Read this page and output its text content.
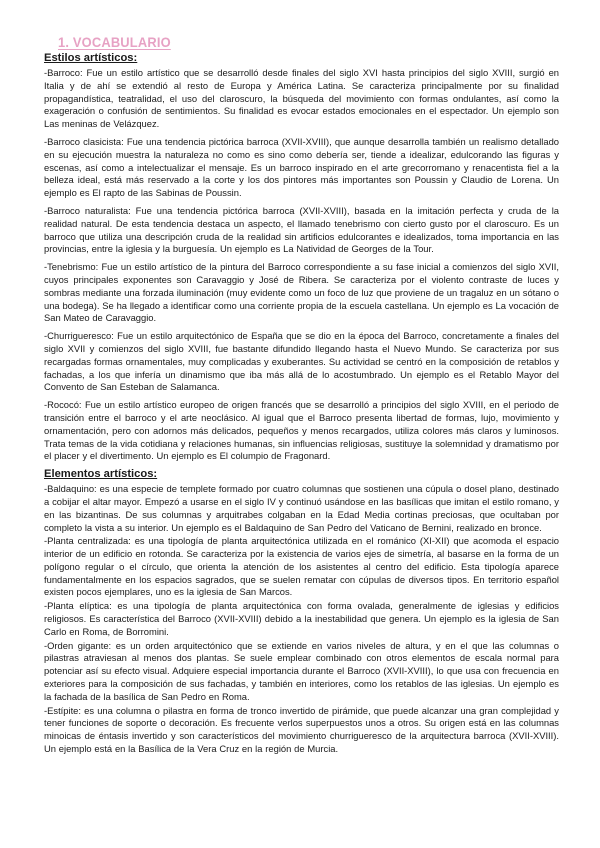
1. VOCABULARIO
Estilos artísticos:

-Barroco: Fue un estilo artístico que se desarrolló desde finales del siglo XVI hasta principios del siglo XVIII, surgió en Italia y de ahí se extendió al resto de Europa y América Latina. Se caracteriza principalmente por su finalidad propagandística, teatralidad, el uso del claroscuro, la búsqueda del movimiento con formas ondulantes, así como la exageración o confusión de sentimientos. Su finalidad es evocar estados emocionales en el espectador. Un ejemplo son Las meninas de Velázquez.

-Barroco clasicista: Fue una tendencia pictórica barroca (XVII-XVIII), que aunque desarrolla también un realismo detallado en su ejecución muestra la naturaleza no como es sino como debería ser, tiende a idealizar, edulcorando las figuras y escenas, así como a intelectualizar el mensaje. Es un barroco inspirado en el arte grecorromano y renacentista fiel a la belleza ideal, está más reservado a la corte y los dos pintores más importantes son Poussin y Claudio de Lorena. Un ejemplo es El rapto de las Sabinas de Poussin.

-Barroco naturalista: Fue una tendencia pictórica barroca (XVII-XVIII), basada en la imitación perfecta y cruda de la realidad natural. De esta tendencia destaca un aspecto, el llamado tenebrismo con cierto gusto por el claroscuro. Es un barroco que utiliza una descripción cruda de la realidad sin artificios edulcorantes e idealizados, toma importancia en las provincias, entre la iglesia y la burguesía. Un ejemplo es La Natividad de Georges de la Tour.

-Tenebrismo: Fue un estilo artístico de la pintura del Barroco correspondiente a su fase inicial a comienzos del siglo XVII, cuyos principales exponentes son Caravaggio y José de Ribera. Se caracteriza por el violento contraste de luces y sombras mediante una forzada iluminación (muy evidente como un foco de luz que proviene de un tragaluz en un sótano o una bodega). Se ha llegado a identificar como una corriente propia de la escuela castellana. Un ejemplo es La vocación de San Mateo de Caravaggio.

-Churrigueresco: Fue un estilo arquitectónico de España que se dio en la época del Barroco, concretamente a finales del siglo XVII y comienzos del siglo XVIII, fue bastante difundido llegando hasta el Nuevo Mundo. Se caracteriza por sus recargadas formas ornamentales, muy complicadas y exuberantes. Su actividad se centró en la composición de retablos y fachadas, a los que infería un dinamismo que iba más allá de lo acostumbrado. Un ejemplo es el Retablo Mayor del Convento de San Esteban de Salamanca.

-Rococó: Fue un estilo artístico europeo de origen francés que se desarrolló a principios del siglo XVIII, en el periodo de transición entre el barroco y el arte neoclásico. Al igual que el Barroco presenta libertad de formas, lujo, movimiento y ornamentación, pero con adornos más delicados, pequeños y menos recargados, utiliza colores más claros y luminosos. Trata temas de la vida cotidiana y relaciones humanas, sin influencias religiosas, sustituye la solemnidad y dramatismo por el placer y el divertimento. Un ejemplo es El columpio de Fragonard.

Elementos artísticos:

-Baldaquino: es una especie de templete formado por cuatro columnas que sostienen una cúpula o dosel plano, destinado a cobijar el altar mayor. Empezó a usarse en el siglo IV y continuó usándose en las basílicas que imitan el estilo romano, y en las bizantinas. De sus columnas y arquitrabes colgaban en la Edad Media cortinas preciosas, que ocultaban por completo la vista a su interior. Un ejemplo es el Baldaquino de San Pedro del Vaticano de Bernini, realizado en bronce.

-Planta centralizada: es una tipología de planta arquitectónica utilizada en el románico (XI-XII) que acomoda el espacio interior de un edificio en rotonda. Se caracteriza por la existencia de varios ejes de simetría, al basarse en la forma de un polígono regular o el círculo, que orienta la atención de los asistentes al centro del edificio. Esta tipología aparece fundamentalmente en los espacios sagrados, que se suelen rematar con cúpulas de diversos tipos. En territorio español existen pocos ejemplares, uno es la iglesia de San Marcos.

-Planta elíptica: es una tipología de planta arquitectónica con forma ovalada, generalmente de iglesias y edificios religiosos. Es característica del Barroco (XVII-XVIII) debido a la inestabilidad que genera. Un ejemplo es la iglesia de San Carlo en Roma, de Borromini.

-Orden gigante: es un orden arquitectónico que se extiende en varios niveles de altura, y en el que las columnas o pilastras atraviesan al menos dos plantas. Se suele emplear combinado con otros elementos de escala normal para potenciar así su efecto visual. Adquiere especial importancia durante el Barroco (XVII-XVIII), lo que usa con frecuencia en exteriores para la composición de sus fachadas, y también en interiores, como los retablos de las iglesias. Un ejemplo es la fachada de la basílica de San Pedro en Roma.

-Estípite: es una columna o pilastra en forma de tronco invertido de pirámide, que puede alcanzar una gran complejidad y tener funciones de soporte o decoración. Es frecuente verlos superpuestos unos a otros. Su origen está en las columnas minoicas de éntasis invertido y son característicos del movimiento churrigueresco de la arquitectura barroca (XVII-XVIII). Un ejemplo está en la Basílica de la Vera Cruz en la región de Murcia.
